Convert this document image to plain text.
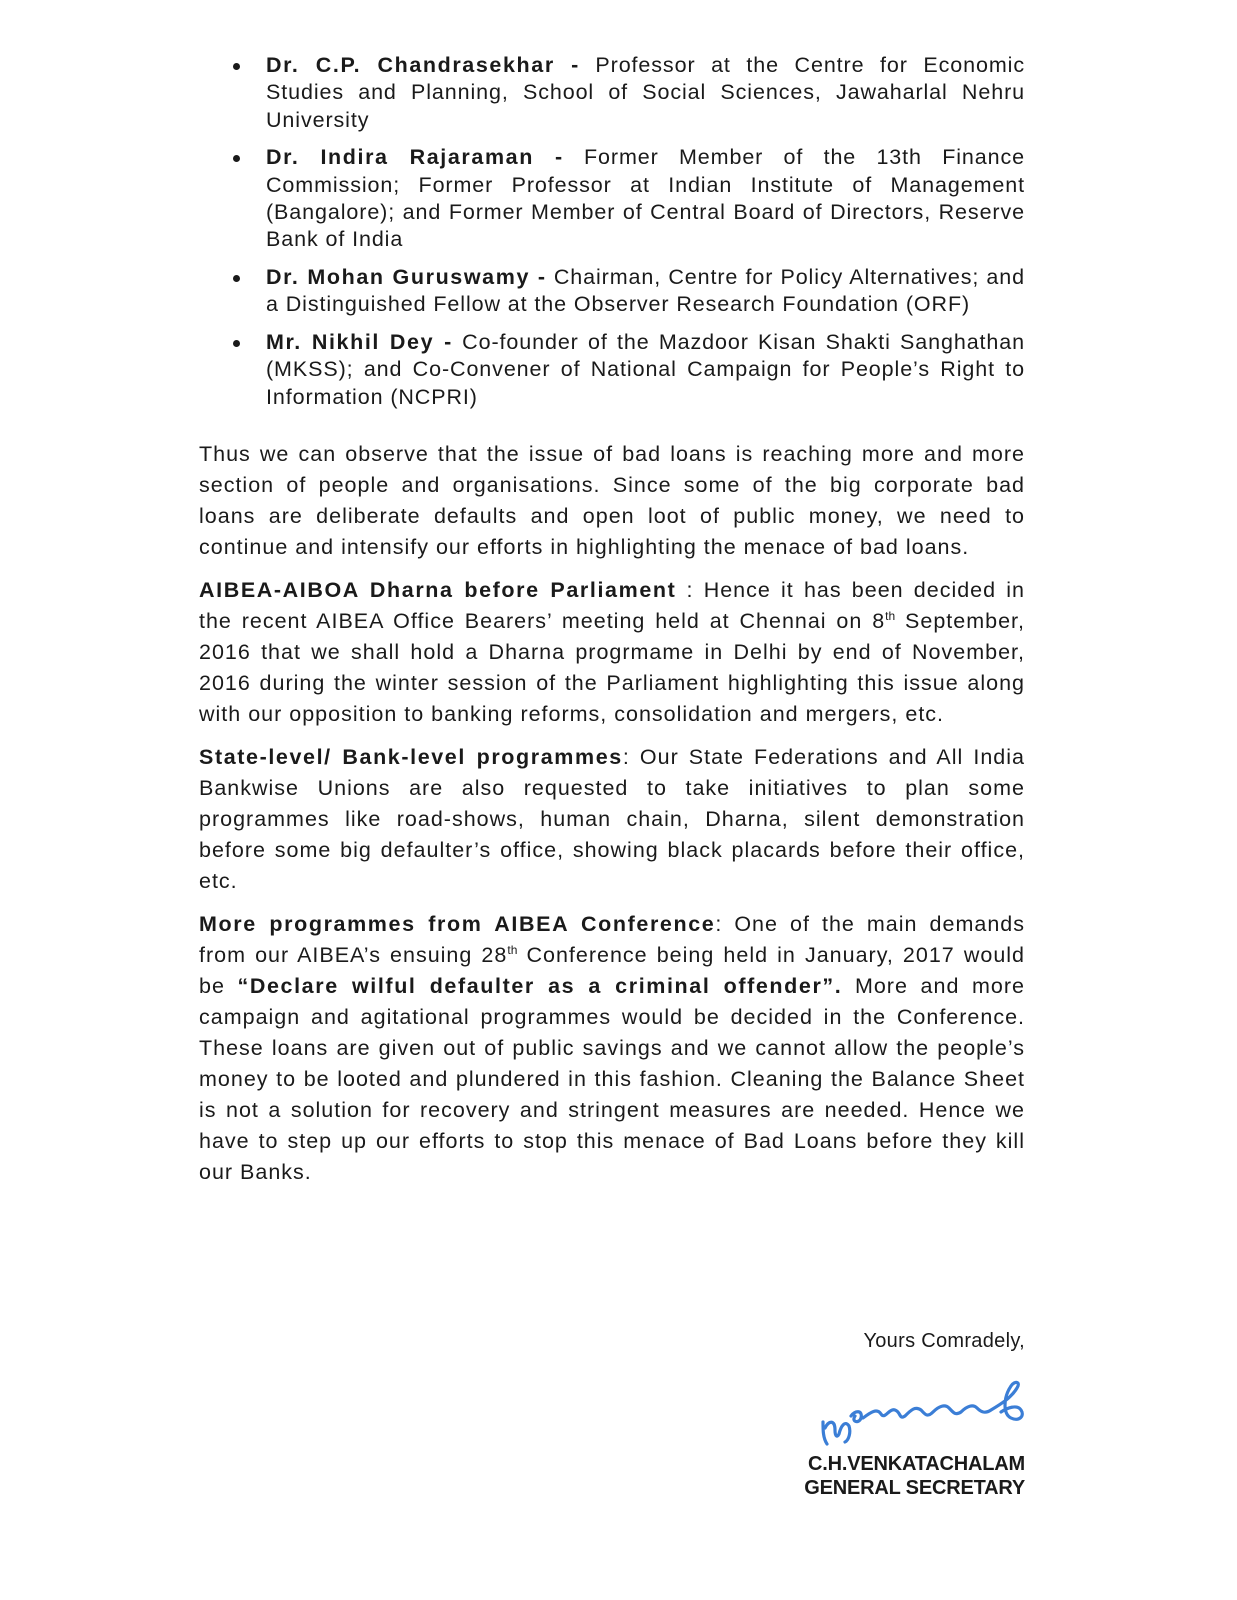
Dr. C.P. Chandrasekhar - Professor at the Centre for Economic Studies and Planning, School of Social Sciences, Jawaharlal Nehru University
Dr. Indira Rajaraman - Former Member of the 13th Finance Commission; Former Professor at Indian Institute of Management (Bangalore); and Former Member of Central Board of Directors, Reserve Bank of India
Dr. Mohan Guruswamy - Chairman, Centre for Policy Alternatives; and a Distinguished Fellow at the Observer Research Foundation (ORF)
Mr. Nikhil Dey - Co-founder of the Mazdoor Kisan Shakti Sanghathan (MKSS); and Co-Convener of National Campaign for People’s Right to Information (NCPRI)

Thus we can observe that the issue of bad loans is reaching more and more section of people and organisations. Since some of the big corporate bad loans are deliberate defaults and open loot of public money, we need to continue and intensify our efforts in highlighting the menace of bad loans.

AIBEA-AIBOA Dharna before Parliament : Hence it has been decided in the recent AIBEA Office Bearers’ meeting held at Chennai on 8th September, 2016 that we shall hold a Dharna progrmame in Delhi by end of November, 2016 during the winter session of the Parliament highlighting this issue along with our opposition to banking reforms, consolidation and mergers, etc.

State-level/ Bank-level programmes: Our State Federations and All India Bankwise Unions are also requested to take initiatives to plan some programmes like road-shows, human chain, Dharna, silent demonstration before some big defaulter’s office, showing black placards before their office, etc.

More programmes from AIBEA Conference: One of the main demands from our AIBEA’s ensuing 28th Conference being held in January, 2017 would be “Declare wilful defaulter as a criminal offender”. More and more campaign and agitational programmes would be decided in the Conference. These loans are given out of public savings and we cannot allow the people’s money to be looted and plundered in this fashion. Cleaning the Balance Sheet is not a solution for recovery and stringent measures are needed. Hence we have to step up our efforts to stop this menace of Bad Loans before they kill our Banks.

Yours Comradely,
C.H.VENKATACHALAM
GENERAL SECRETARY
